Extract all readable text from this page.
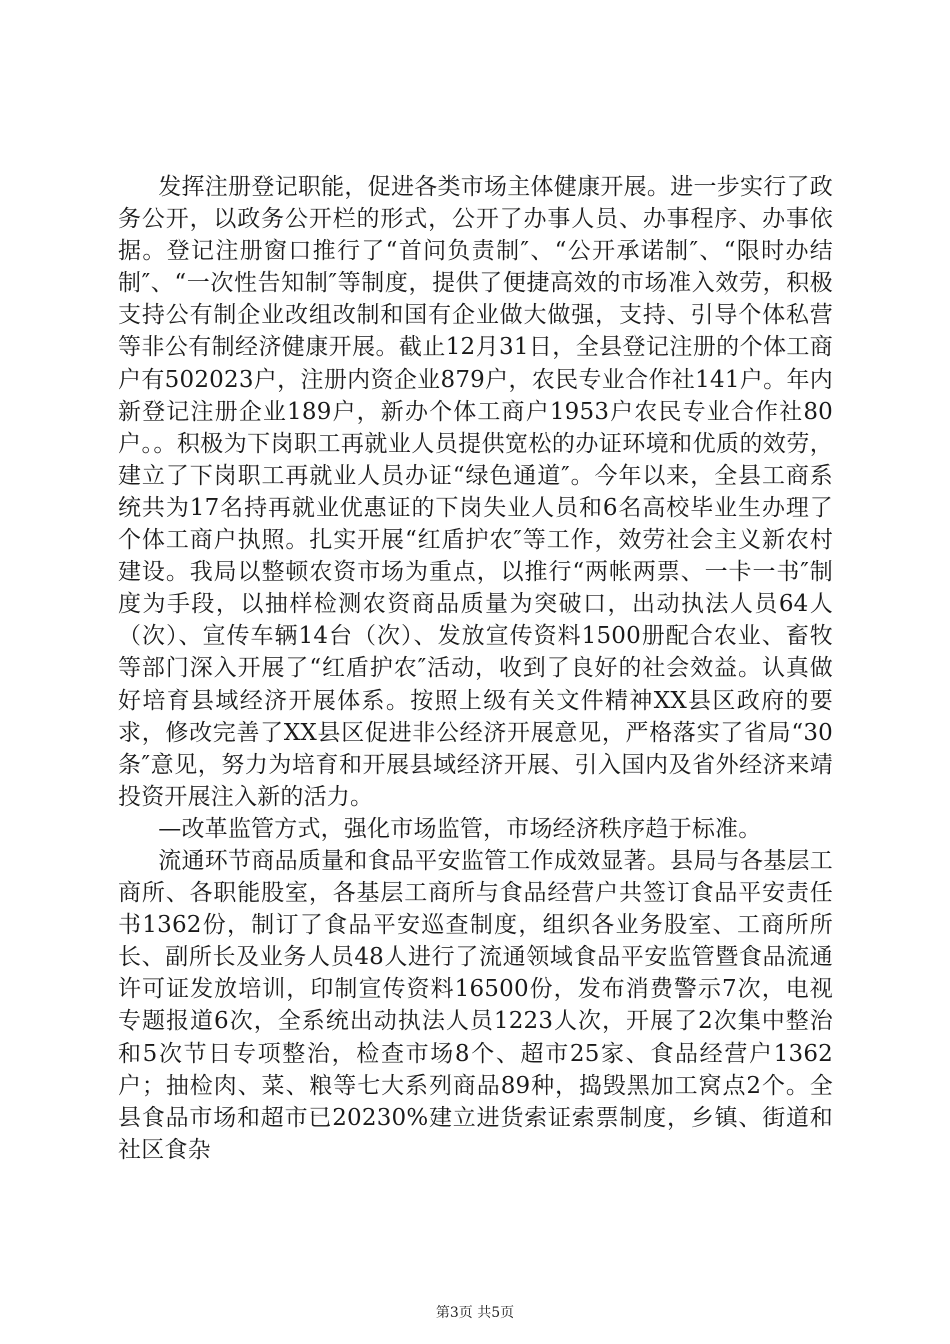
发挥注册登记职能，促进各类市场主体健康开展。进一步实行了政务公开，以政务公开栏的形式，公开了办事人员、办事程序、办事依据。登记注册窗口推行了“首问负责制″、“公开承诺制″、“限时办结制″、“一次性告知制″等制度，提供了便捷高效的市场准入效劳，积极支持公有制企业改组改制和国有企业做大做强，支持、引导个体私营等非公有制经济健康开展。截止12月31日，全县登记注册的个体工商户有502023户，注册内资企业879户，农民专业合作社141户。年内新登记注册企业189户，新办个体工商户1953户农民专业合作社80户。。积极为下岗职工再就业人员提供宽松的办证环境和优质的效劳，建立了下岗职工再就业人员办证“绿色通道″。今年以来，全县工商系统共为17名持再就业优惠证的下岗失业人员和6名高校毕业生办理了个体工商户执照。扎实开展“红盾护农″等工作，效劳社会主义新农村建设。我局以整顿农资市场为重点，以推行“两帐两票、一卡一书″制度为手段，以抽样检测农资商品质量为突破口，出动执法人员64人（次）、宣传车辆14台（次）、发放宣传资料1500册配合农业、畜牧等部门深入开展了“红盾护农″活动，收到了良好的社会效益。认真做好培育县域经济开展体系。按照上级有关文件精神XX县区政府的要求，修改完善了XX县区促进非公经济开展意见，严格落实了省局“30条″意见，努力为培育和开展县域经济开展、引入国内及省外经济来靖投资开展注入新的活力。

—改革监管方式，强化市场监管，市场经济秩序趋于标准。

流通环节商品质量和食品平安监管工作成效显著。县局与各基层工商所、各职能股室，各基层工商所与食品经营户共签订食品平安责任书1362份，制订了食品平安巡查制度，组织各业务股室、工商所所长、副所长及业务人员48人进行了流通领域食品平安监管暨食品流通许可证发放培训，印制宣传资料16500份，发布消费警示7次，电视专题报道6次，全系统出动执法人员1223人次，开展了2次集中整治和5次节日专项整治，检查市场8个、超市25家、食品经营户1362户；抽检肉、菜、粮等七大系列商品89种，捣毁黑加工窝点2个。全县食品市场和超市已20230%建立进货索证索票制度，乡镇、街道和社区食杂

第3页 共5页
